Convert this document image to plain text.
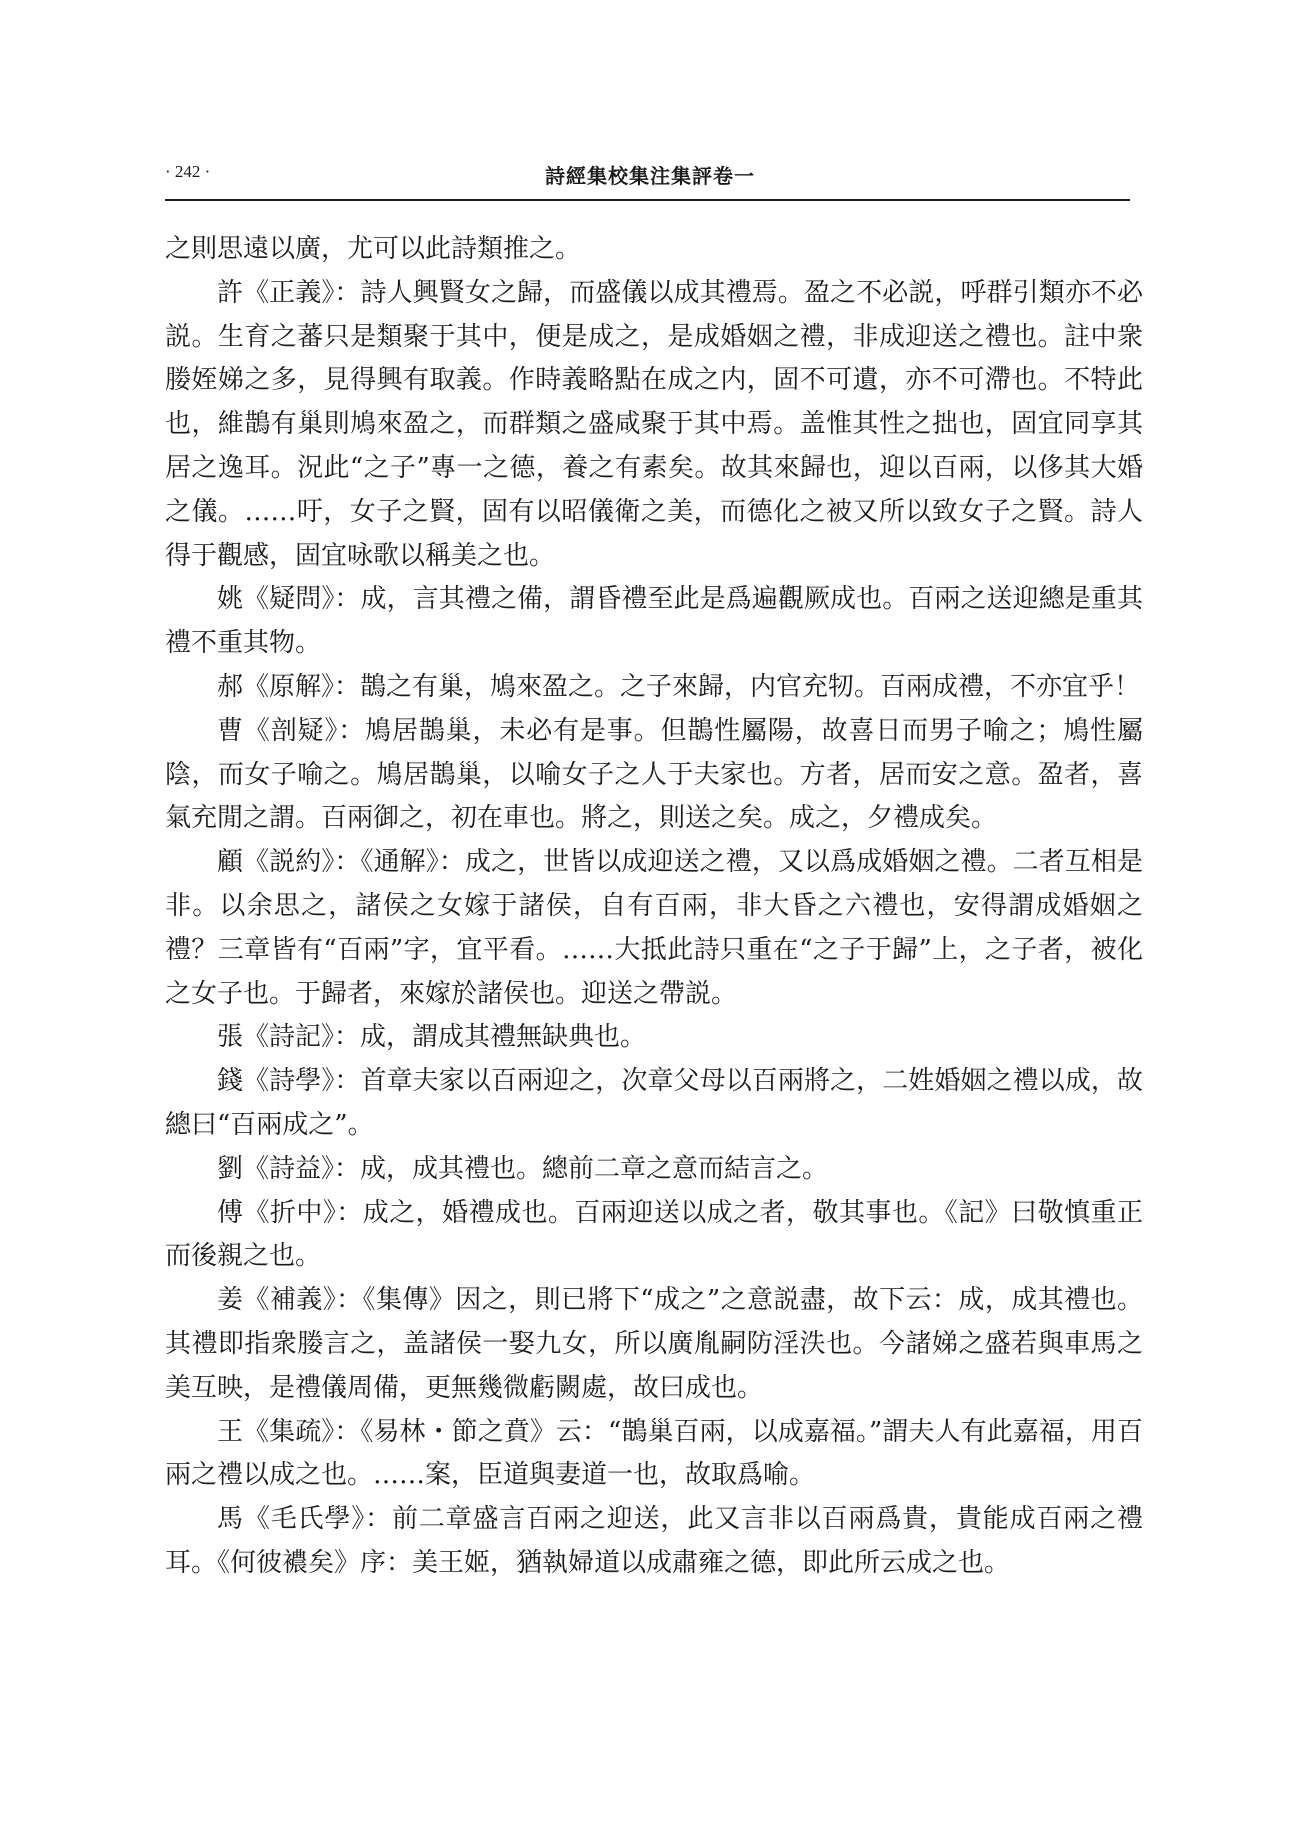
· 242 ·	詩經集校集注集評卷一

之則思遠以廣，尤可以此詩類推之。

許《正義》：詩人興賢女之歸，而盛儀以成其禮焉。盈之不必説，呼群引類亦不必説。生育之蕃只是類聚于其中，便是成之，是成婚姻之禮，非成迎送之禮也。註中衆媵姪娣之多，見得興有取義。作時義略點在成之内，固不可遺，亦不可滯也。不特此也，維鵲有巢則鳩來盈之，而群類之盛咸聚于其中焉。盖惟其性之拙也，固宜同享其居之逸耳。況此“之子”專一之德，養之有素矣。故其來歸也，迎以百兩，以侈其大婚之儀。……吁，女子之賢，固有以昭儀衛之美，而德化之被又所以致女子之賢。詩人得于觀感，固宜咏歌以稱美之也。

姚《疑問》：成，言其禮之備，謂昏禮至此是爲遍觀厥成也。百兩之送迎總是重其禮不重其物。

郝《原解》：鵲之有巢，鳩來盈之。之子來歸，内官充牣。百兩成禮，不亦宜乎！

曹《剖疑》：鳩居鵲巢，未必有是事。但鵲性屬陽，故喜日而男子喻之；鳩性屬陰，而女子喻之。鳩居鵲巢，以喻女子之人于夫家也。方者，居而安之意。盈者，喜氣充閒之謂。百兩御之，初在車也。將之，則送之矣。成之，夕禮成矣。

顧《説約》：《通解》：成之，世皆以成迎送之禮，又以爲成婚姻之禮。二者互相是非。以余思之，諸侯之女嫁于諸侯，自有百兩，非大昏之六禮也，安得謂成婚姻之禮？三章皆有“百兩”字，宜平看。……大抵此詩只重在“之子于歸”上，之子者，被化之女子也。于歸者，來嫁於諸侯也。迎送之帶説。

張《詩記》：成，謂成其禮無缺典也。

錢《詩學》：首章夫家以百兩迎之，次章父母以百兩將之，二姓婚姻之禮以成，故總曰“百兩成之”。

劉《詩益》：成，成其禮也。總前二章之意而結言之。

傅《折中》：成之，婚禮成也。百兩迎送以成之者，敬其事也。《記》曰敬慎重正而後親之也。

姜《補義》：《集傳》因之，則已將下“成之”之意説盡，故下云：成，成其禮也。其禮即指衆媵言之，盖諸侯一娶九女，所以廣胤嗣防淫泆也。今諸娣之盛若與車馬之美互映，是禮儀周備，更無幾微虧闕處，故曰成也。

王《集疏》：《易林・節之賁》云：“鵲巢百兩，以成嘉福。”謂夫人有此嘉福，用百兩之禮以成之也。……案，臣道與妻道一也，故取爲喻。

馬《毛氏學》：前二章盛言百兩之迎送，此又言非以百兩爲貴，貴能成百兩之禮耳。《何彼襛矣》序：美王姬，猶執婦道以成肅雍之德，即此所云成之也。
